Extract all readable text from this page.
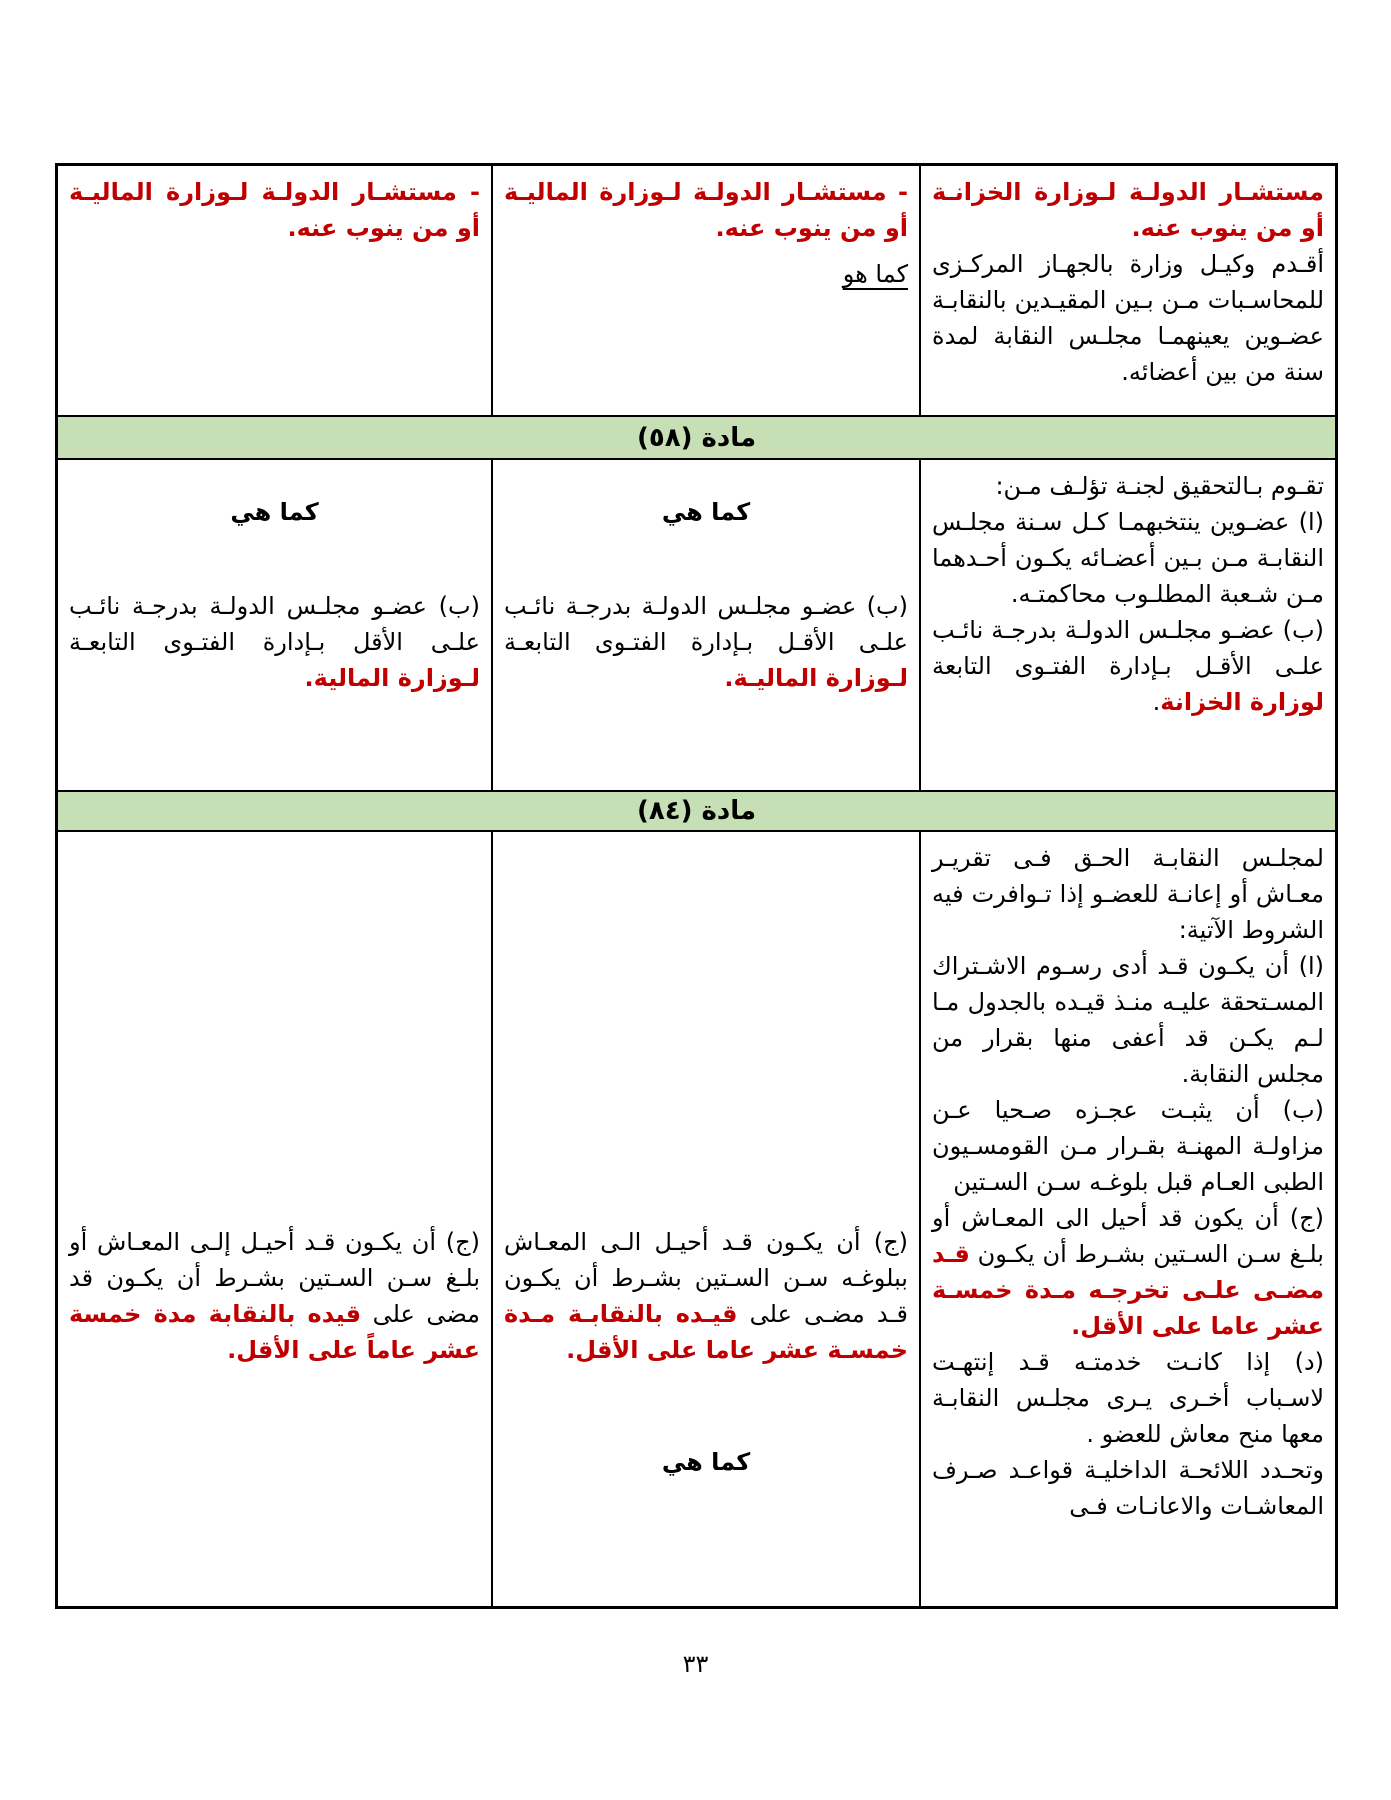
مستشـار الدولـة لـوزارة الخزانـة أو من ينوب عنه.

أقـدم وكيـل وزارة بالجهـاز المركـزى للمحاسـبات مـن بـين المقيـدين بالنقابـة عضـوين يعينهمـا مجلـس النقابة لمدة سنة من بين أعضائه.

- مستشـار الدولـة لـوزارة الماليـة أو من ينوب عنه.

كما هو

- مستشـار الدولـة لـوزارة الماليـة أو من ينوب عنه.

مادة (٥٨)

تقـوم بـالتحقيق لجنـة تؤلـف مـن:

(ا) عضـوين ينتخبهمـا كـل سـنة مجلـس النقابـة مـن بـين أعضـائه يكـون أحـدهما مـن شـعبة المطلـوب محاكمتـه.

(ب) عضـو مجلـس الدولـة بدرجـة نائـب علـى الأقـل بـإدارة الفتـوى التابعة لوزارة الخزانة.

كما هي

(ب) عضـو مجلـس الدولـة بدرجـة نائـب علـى الأقـل بـإدارة الفتـوى التابعـة لـوزارة الماليـة.

كما هي

(ب) عضـو مجلـس الدولـة بدرجـة نائـب علـى الأقل بـإدارة الفتـوى التابعـة لـوزارة المالية.

مادة (٨٤)

لمجلـس النقابـة الحـق فـى تقريـر معـاش أو إعانـة للعضـو إذا تـوافرت فيه الشروط الآتية:

(ا) أن يكـون قـد أدى رسـوم الاشـتراك المسـتحقة عليـه منـذ قيـده بالجدول مـا لـم يكـن قد أعفى منها بقرار من مجلس النقابة.

(ب) أن يثبـت عجـزه صـحيا عـن مزاولـة المهنـة بقـرار مـن القومسـيون الطبى العـام قبل بلوغـه سـن السـتين

(ج) أن يكون قد أحيل الى المعـاش أو بلـغ سـن السـتين بشـرط أن يكـون قـد مضـى علـى تخرجـه مـدة خمسـة عشر عاما على الأقل.

(د) إذا كانـت خدمتـه قـد إنتهـت لاسـباب أخـرى يـرى مجلـس النقابـة معها منح معاش للعضو .

وتحـدد اللائحـة الداخليـة قواعـد صـرف المعاشـات والاعانـات فـى

(ج) أن يكـون قـد أحيـل الـى المعـاش ببلوغـه سـن السـتين بشـرط أن يكـون قـد مضـى على قيـده بالنقابـة مـدة خمسـة عشر عاما على الأقل.

كما هي

(ج) أن يكـون قـد أحيـل إلـى المعـاش أو بلـغ سـن السـتين بشـرط أن يكـون قد مضى على قيده بالنقابة مدة خمسة عشر عاماً على الأقل.

٣٣
